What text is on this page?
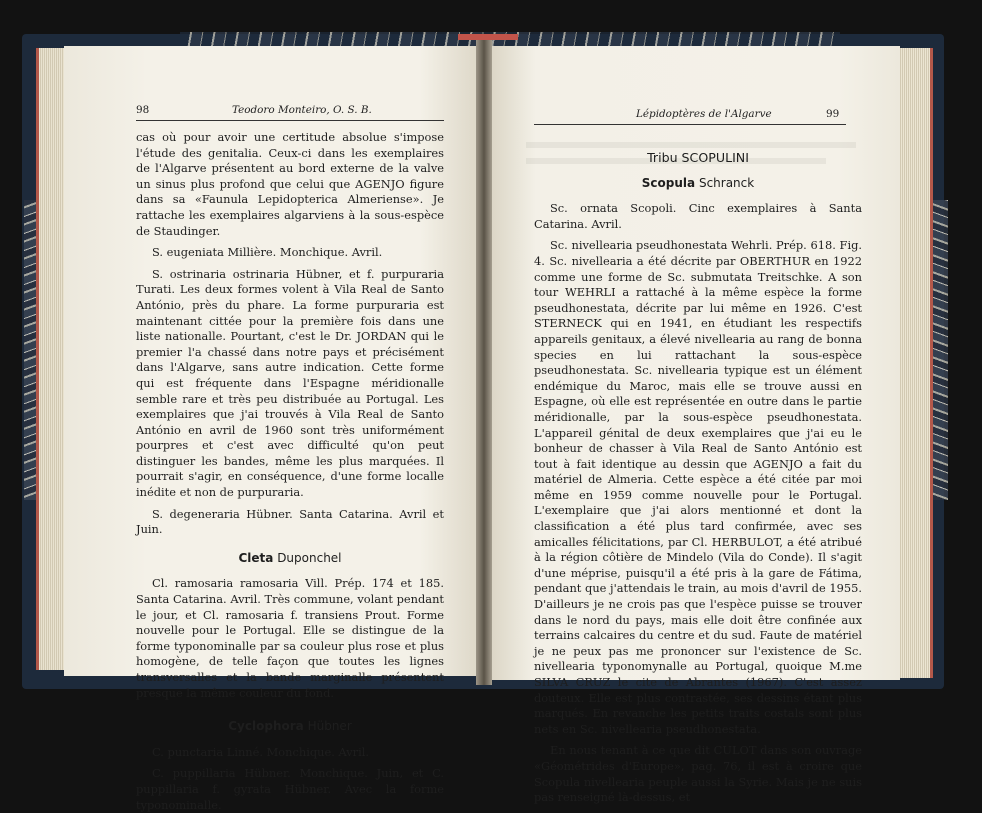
98	Teodoro Monteiro, O. S. B.

cas où pour avoir une certitude absolue s'impose l'étude des genitalia. Ceux-ci dans les exemplaires de l'Algarve présentent au bord externe de la valve un sinus plus profond que celui que AGENJO figure dans sa «Faunula Lepidopterica Almeriense». Je rattache les exemplaires algarviens à la sous-espèce de Staudinger.

S. eugeniata Millière. Monchique. Avril.

S. ostrinaria ostrinaria Hübner, et f. purpuraria Turati. Les deux formes volent à Vila Real de Santo António, près du phare. La forme purpuraria est maintenant cittée pour la première fois dans une liste nationalle. Pourtant, c'est le Dr. JORDAN qui le premier l'a chassé dans notre pays et précisément dans l'Algarve, sans autre indication. Cette forme qui est fréquente dans l'Espagne méridionalle semble rare et très peu distribuée au Portugal. Les exemplaires que j'ai trouvés à Vila Real de Santo António en avril de 1960 sont très uniformément pourpres et c'est avec difficulté qu'on peut distinguer les bandes, même les plus marquées. Il pourrait s'agir, en conséquence, d'une forme localle inédite et non de purpuraria.

S. degeneraria Hübner. Santa Catarina. Avril et Juin.

Cleta Duponchel

Cl. ramosaria ramosaria Vill. Prép. 174 et 185. Santa Catarina. Avril. Très commune, volant pendant le jour, et Cl. ramosaria f. transiens Prout. Forme nouvelle pour le Portugal. Elle se distingue de la forme typonominalle par sa couleur plus rose et plus homogène, de telle façon que toutes les lignes transversalles et la bande marginalle présentent presque la même couleur du fond.

Cyclophora Hübner

C. punctaria Linné. Monchique. Avril.

C. puppillaria Hübner. Monchique. Juin, et C. puppillaria f. gyrata Hübner. Avec la forme typonominalle.

Lépidoptères de l'Algarve	99
Tribu SCOPULINI
Scopula Schranck

Sc. ornata Scopoli. Cinc exemplaires à Santa Catarina. Avril.

Sc. nivellearia pseudhonestata Wehrli. Prép. 618. Fig. 4. Sc. nivellearia a été décrite par OBERTHUR en 1922 comme une forme de Sc. submutata Treitschke. A son tour WEHRLI a rattaché à la même espèce la forme pseudhonestata, décrite par lui même en 1926. C'est STERNECK qui en 1941, en étudiant les respectifs appareils genitaux, a élevé nivellearia au rang de bonna species en lui rattachant la sous-espèce pseudhonestata. Sc. nivellearia typique est un élément endémique du Maroc, mais elle se trouve aussi en Espagne, où elle est représentée en outre dans le partie méridionalle, par la sous-espèce pseudhonestata. L'appareil génital de deux exemplaires que j'ai eu le bonheur de chasser à Vila Real de Santo António est tout à fait identique au dessin que AGENJO a fait du matériel de Almeria. Cette espèce a été citée par moi même en 1959 comme nouvelle pour le Portugal. L'exemplaire que j'ai alors mentionné et dont la classification a été plus tard confirmée, avec ses amicalles félicitations, par Cl. HERBULOT, a été atribué à la région côtière de Mindelo (Vila do Conde). Il s'agit d'une méprise, puisqu'il a été pris à la gare de Fátima, pendant que j'attendais le train, au mois d'avril de 1955. D'ailleurs je ne crois pas que l'espèce puisse se trouver dans le nord du pays, mais elle doit être confinée aux terrains calcaires du centre et du sud. Faute de matériel je ne peux pas me prononcer sur l'existence de Sc. nivellearia typonomynalle au Portugal, quoique M.me SILVA CRUZ le cite de Abrantes (1967). C'est assez douteux. Elle est plus contrastée, ses dessins étant plus marqués. En revanche les petits traits costals sont plus nets en Sc. nivellearia pseudhonestata.

En nous tenant à ce que dit CULOT dans son ouvrage «Géométrides d'Europe», pag. 76, il est à croire que Scopula nivellearia peuple aussi la Syrie. Mais je ne suis pas renseigné là-dessus, et
